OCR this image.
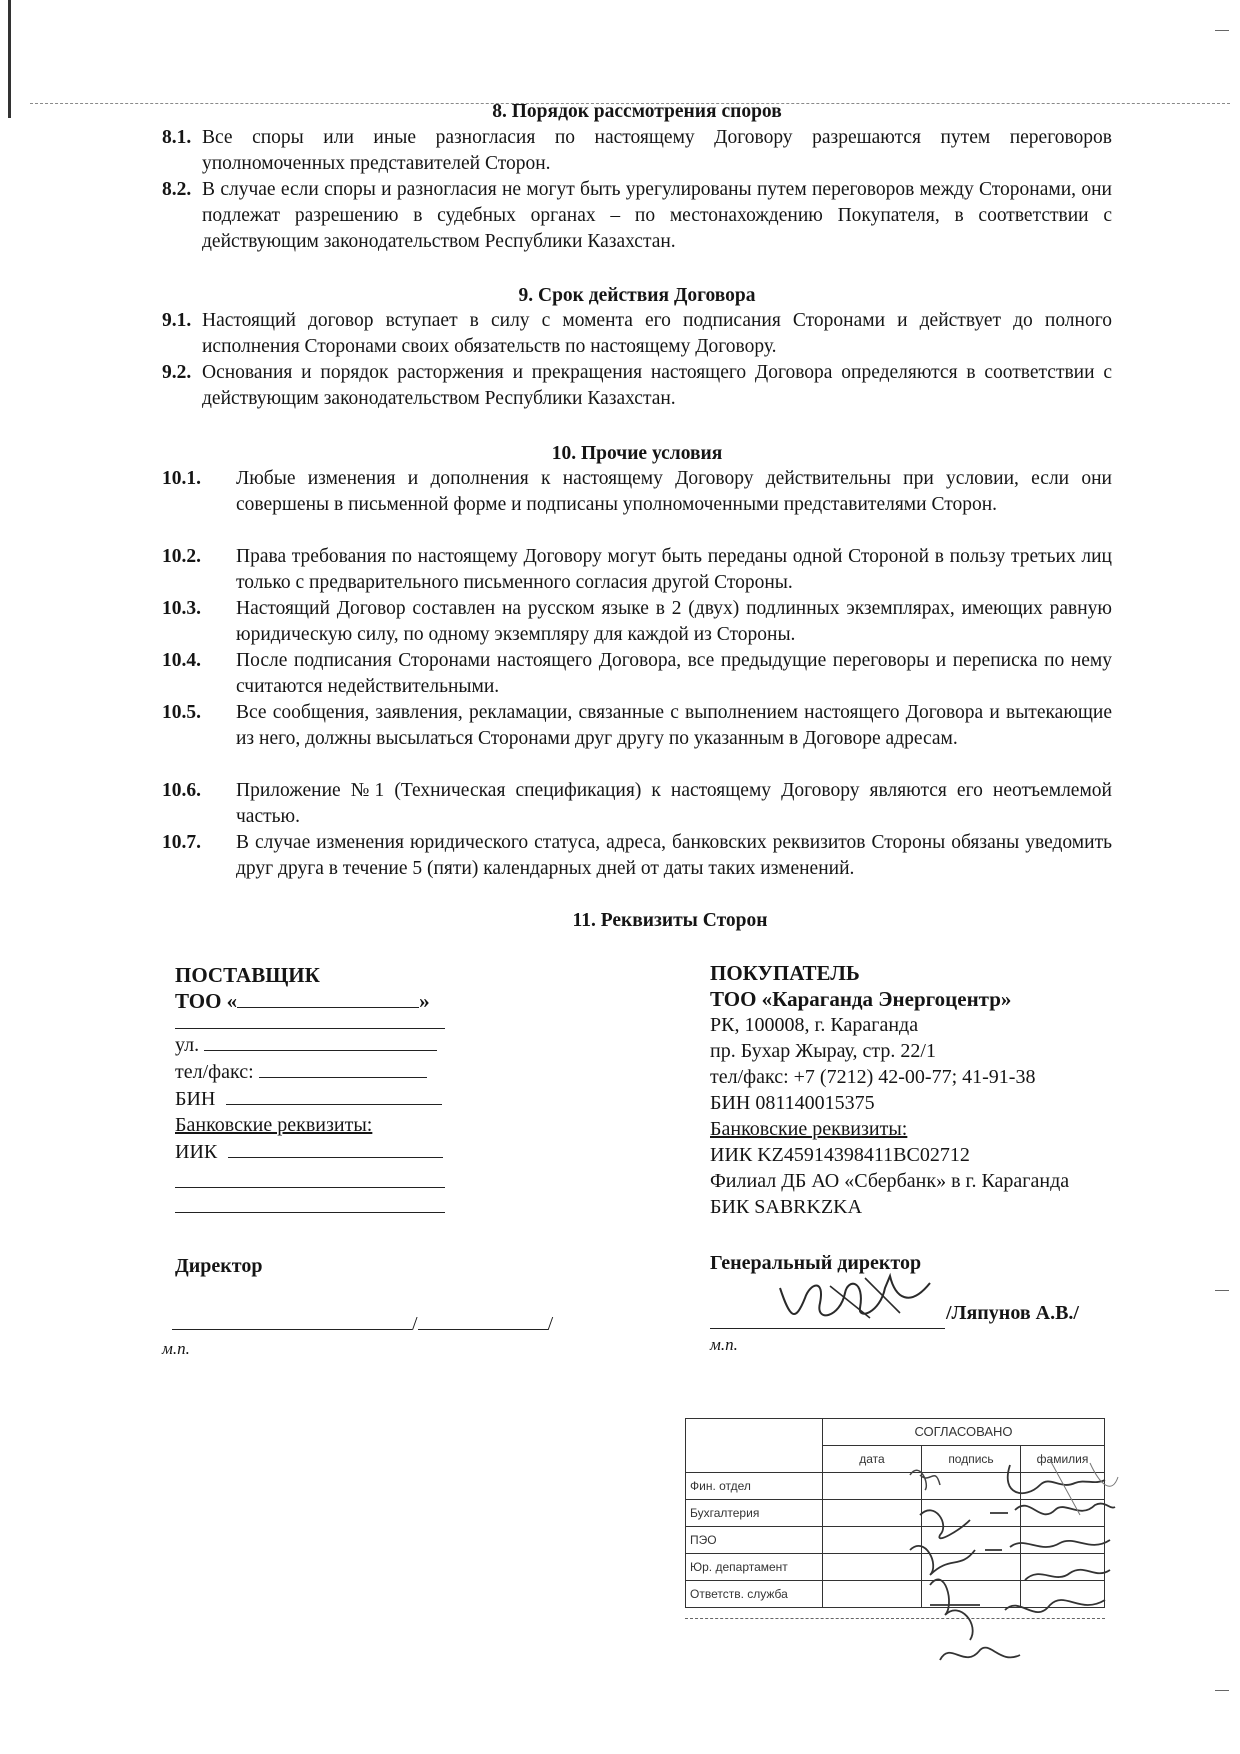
8. Порядок рассмотрения споров
8.1. Все споры или иные разногласия по настоящему Договору разрешаются путем переговоров уполномоченных представителей Сторон.
8.2. В случае если споры и разногласия не могут быть урегулированы путем переговоров между Сторонами, они подлежат разрешению в судебных органах – по местонахождению Покупателя, в соответствии с действующим законодательством Республики Казахстан.
9. Срок действия Договора
9.1. Настоящий договор вступает в силу с момента его подписания Сторонами и действует до полного исполнения Сторонами своих обязательств по настоящему Договору.
9.2. Основания и порядок расторжения и прекращения настоящего Договора определяются в соответствии с действующим законодательством Республики Казахстан.
10. Прочие условия
10.1.	Любые изменения и дополнения к настоящему Договору действительны при условии, если они совершены в письменной форме и подписаны уполномоченными представителями Сторон.
10.2.	Права требования по настоящему Договору могут быть переданы одной Стороной в пользу третьих лиц только с предварительного письменного согласия другой Стороны.
10.3.	Настоящий Договор составлен на русском языке в 2 (двух) подлинных экземплярах, имеющих равную юридическую силу, по одному экземпляру для каждой из Стороны.
10.4.	После подписания Сторонами настоящего Договора, все предыдущие переговоры и переписка по нему считаются недействительными.
10.5.	Все сообщения, заявления, рекламации, связанные с выполнением настоящего Договора и вытекающие из него, должны высылаться Сторонами друг другу по указанным в Договоре адресам.
10.6.	Приложение №1 (Техническая спецификация) к настоящему Договору являются его неотъемлемой частью.
10.7.	В случае изменения юридического статуса, адреса, банковских реквизитов Стороны обязаны уведомить друг друга в течение 5 (пяти) календарных дней от даты таких изменений.
11. Реквизиты Сторон
ПОСТАВЩИК
ТОО «	»
ул.
тел/факс:
БИН
Банковские реквизиты:
ИИК
Директор
/	/
м.п.
ПОКУПАТЕЛЬ
ТОО «Караганда Энергоцентр»
РК, 100008, г. Караганда
пр. Бухар Жырау, стр. 22/1
тел/факс: +7 (7212) 42-00-77; 41-91-38
БИН 081140015375
Банковские реквизиты:
ИИК KZ45914398411BC02712
Филиал ДБ АО «Сбербанк» в г. Караганда
БИК SABRKZKA
Генеральный директор
/Ляпунов А.В./
м.п.
	СОГЛАСОВАНО		
	дата	подпись	фамилия
Фин. отдел			
Бухгалтерия			
ПЭО			
Юр. департамент			
Ответств. служба			
